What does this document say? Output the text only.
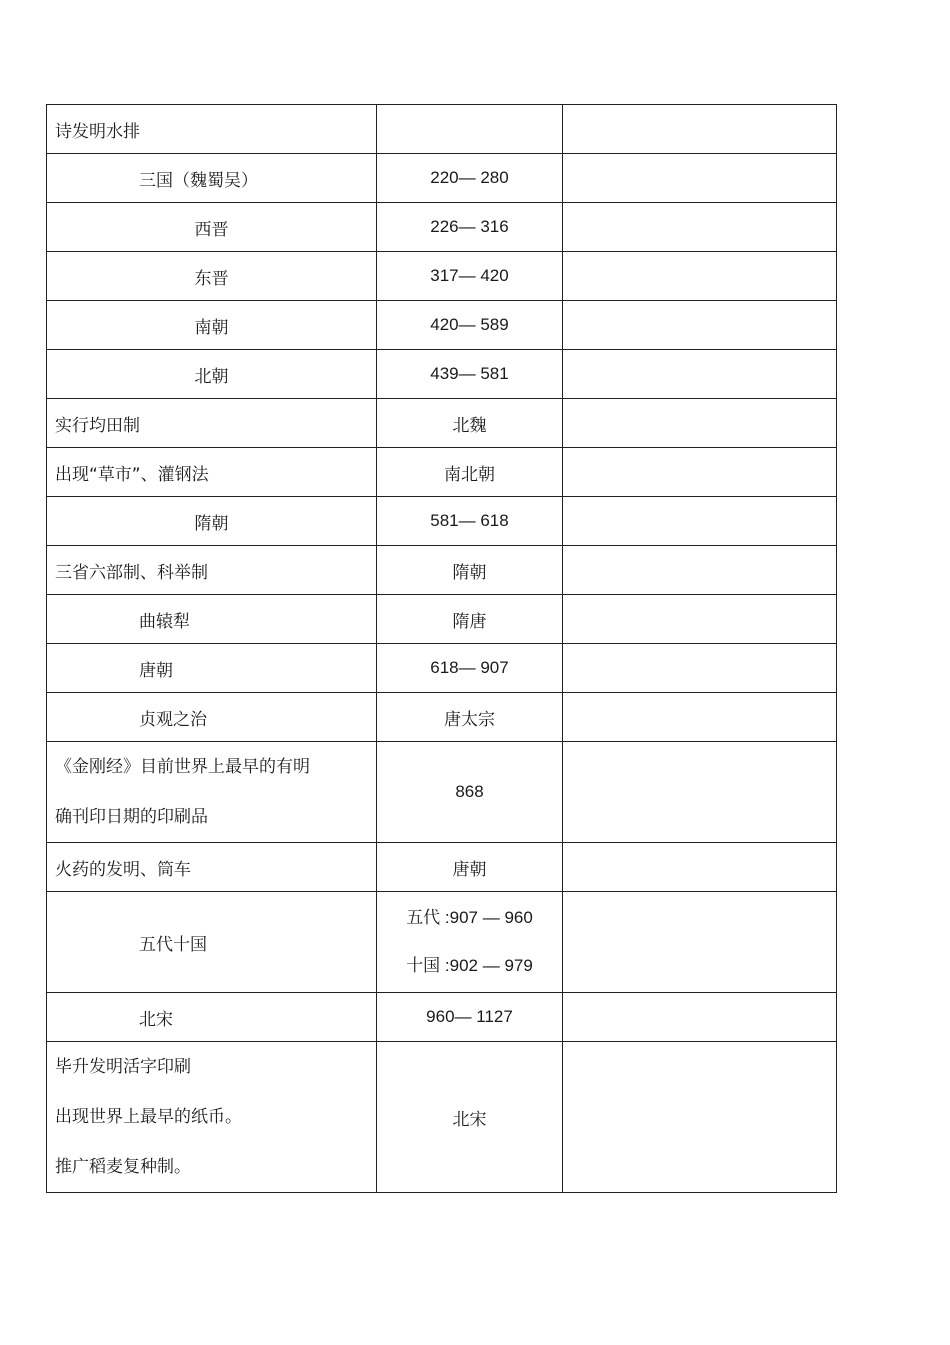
诗发明水排		

三国（魏蜀吴）	220— 280	

西晋	226— 316	

东晋	317— 420	

南朝	420— 589	

北朝	439— 581	

实行均田制	北魏	

出现“草市”、灌钢法	南北朝	

隋朝	581— 618	

三省六部制、科举制	隋朝	

曲辕犁	隋唐	

唐朝	618— 907	

贞观之治	唐太宗	

《金刚经》目前世界上最早的有明
确刊印日期的印刷品	868	

火药的发明、筒车	唐朝	

五代十国	五代 :907 — 960
十国 :902 — 979	

北宋	960— 1127	

毕升发明活字印刷
出现世界上最早的纸币。
推广稻麦复种制。	北宋	
